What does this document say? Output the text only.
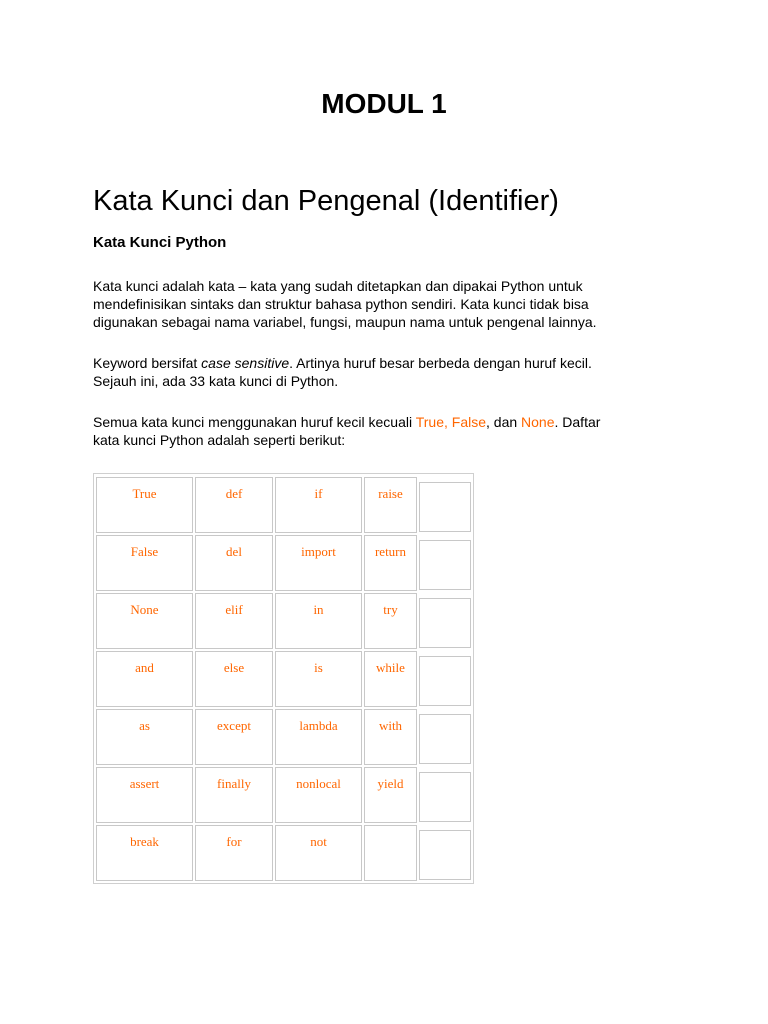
MODUL 1
Kata Kunci dan Pengenal (Identifier)
Kata Kunci Python

Kata kunci adalah kata – kata yang sudah ditetapkan dan dipakai Python untuk
mendefinisikan sintaks dan struktur bahasa python sendiri. Kata kunci tidak bisa
digunakan sebagai nama variabel, fungsi, maupun nama untuk pengenal lainnya.

Keyword bersifat case sensitive. Artinya huruf besar berbeda dengan huruf kecil.
Sejauh ini, ada 33 kata kunci di Python.

Semua kata kunci menggunakan huruf kecil kecuali True, False, dan None. Daftar
kata kunci Python adalah seperti berikut:

True	def	if	raise
False	del	import	return
None	elif	in	try
and	else	is	while
as	except	lambda	with
assert	finally	nonlocal	yield
break	for	not
